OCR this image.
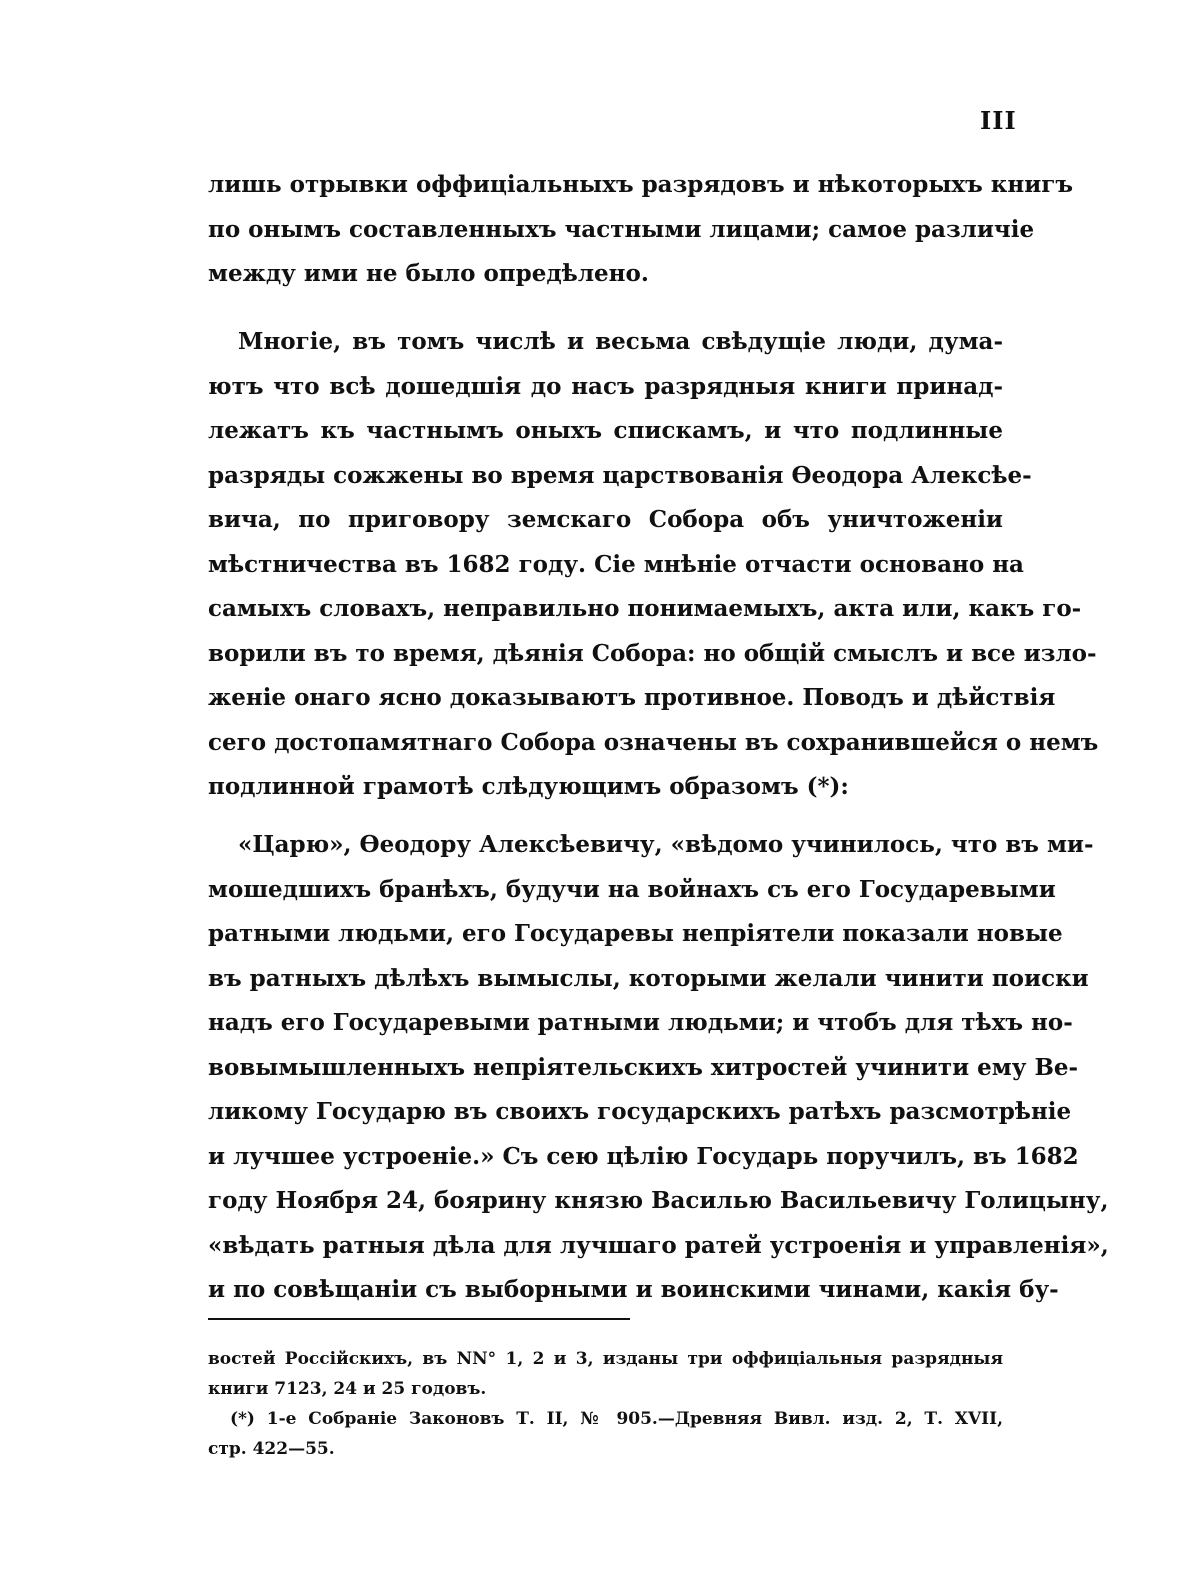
III

лишь отрывки оффиціальныхъ разрядовъ и нѣкоторыхъ книгъ
по онымъ составленныхъ частными лицами; самое различіе
между ими не было опредѣлено.

Многіе, въ томъ числѣ и весьма свѣдущіе люди, дума-
ютъ что всѣ дошедшія до насъ разрядныя книги принад-
лежатъ къ частнымъ оныхъ спискамъ, и что подлинные
разряды сожжены во время царствованія Ѳеодора Алексѣе-
вича, по приговору земскаго Собора объ уничтоженіи
мѣстничества въ 1682 году. Сіе мнѣніе отчасти основано на
самыхъ словахъ, неправильно понимаемыхъ, акта или, какъ го-
ворили въ то время, дѣянія Собора: но общій смыслъ и все изло-
женіе онаго ясно доказываютъ противное. Поводъ и дѣйствія
сего достопамятнаго Собора означены въ сохранившейся о немъ
подлинной грамотѣ слѣдующимъ образомъ (*):

«Царю», Ѳеодору Алексѣевичу, «вѣдомо учинилось, что въ ми-
мошедшихъ бранѣхъ, будучи на войнахъ съ его Государевыми
ратными людьми, его Государевы непріятели показали новые
въ ратныхъ дѣлѣхъ вымыслы, которыми желали чинити поиски
надъ его Государевыми ратными людьми; и чтобъ для тѣхъ но-
вовымышленныхъ непріятельскихъ хитростей учинити ему Ве-
ликому Государю въ своихъ государскихъ ратѣхъ разсмотрѣніе
и лучшее устроеніе.» Съ сею цѣлію Государь поручилъ, въ 1682
году Ноября 24, боярину князю Василью Васильевичу Голицыну,
«вѣдать ратныя дѣла для лучшаго ратей устроенія и управленія»,
и по совѣщаніи съ выборными и воинскими чинами, какія бу-

востей Россійскихъ, въ NN° 1, 2 и 3, изданы три оффиціальныя разрядныя
книги 7123, 24 и 25 годовъ.
(*) 1-е Собраніе Законовъ Т. II, № 905.—Древняя Вивл. изд. 2, Т. XVII,
стр. 422—55.
